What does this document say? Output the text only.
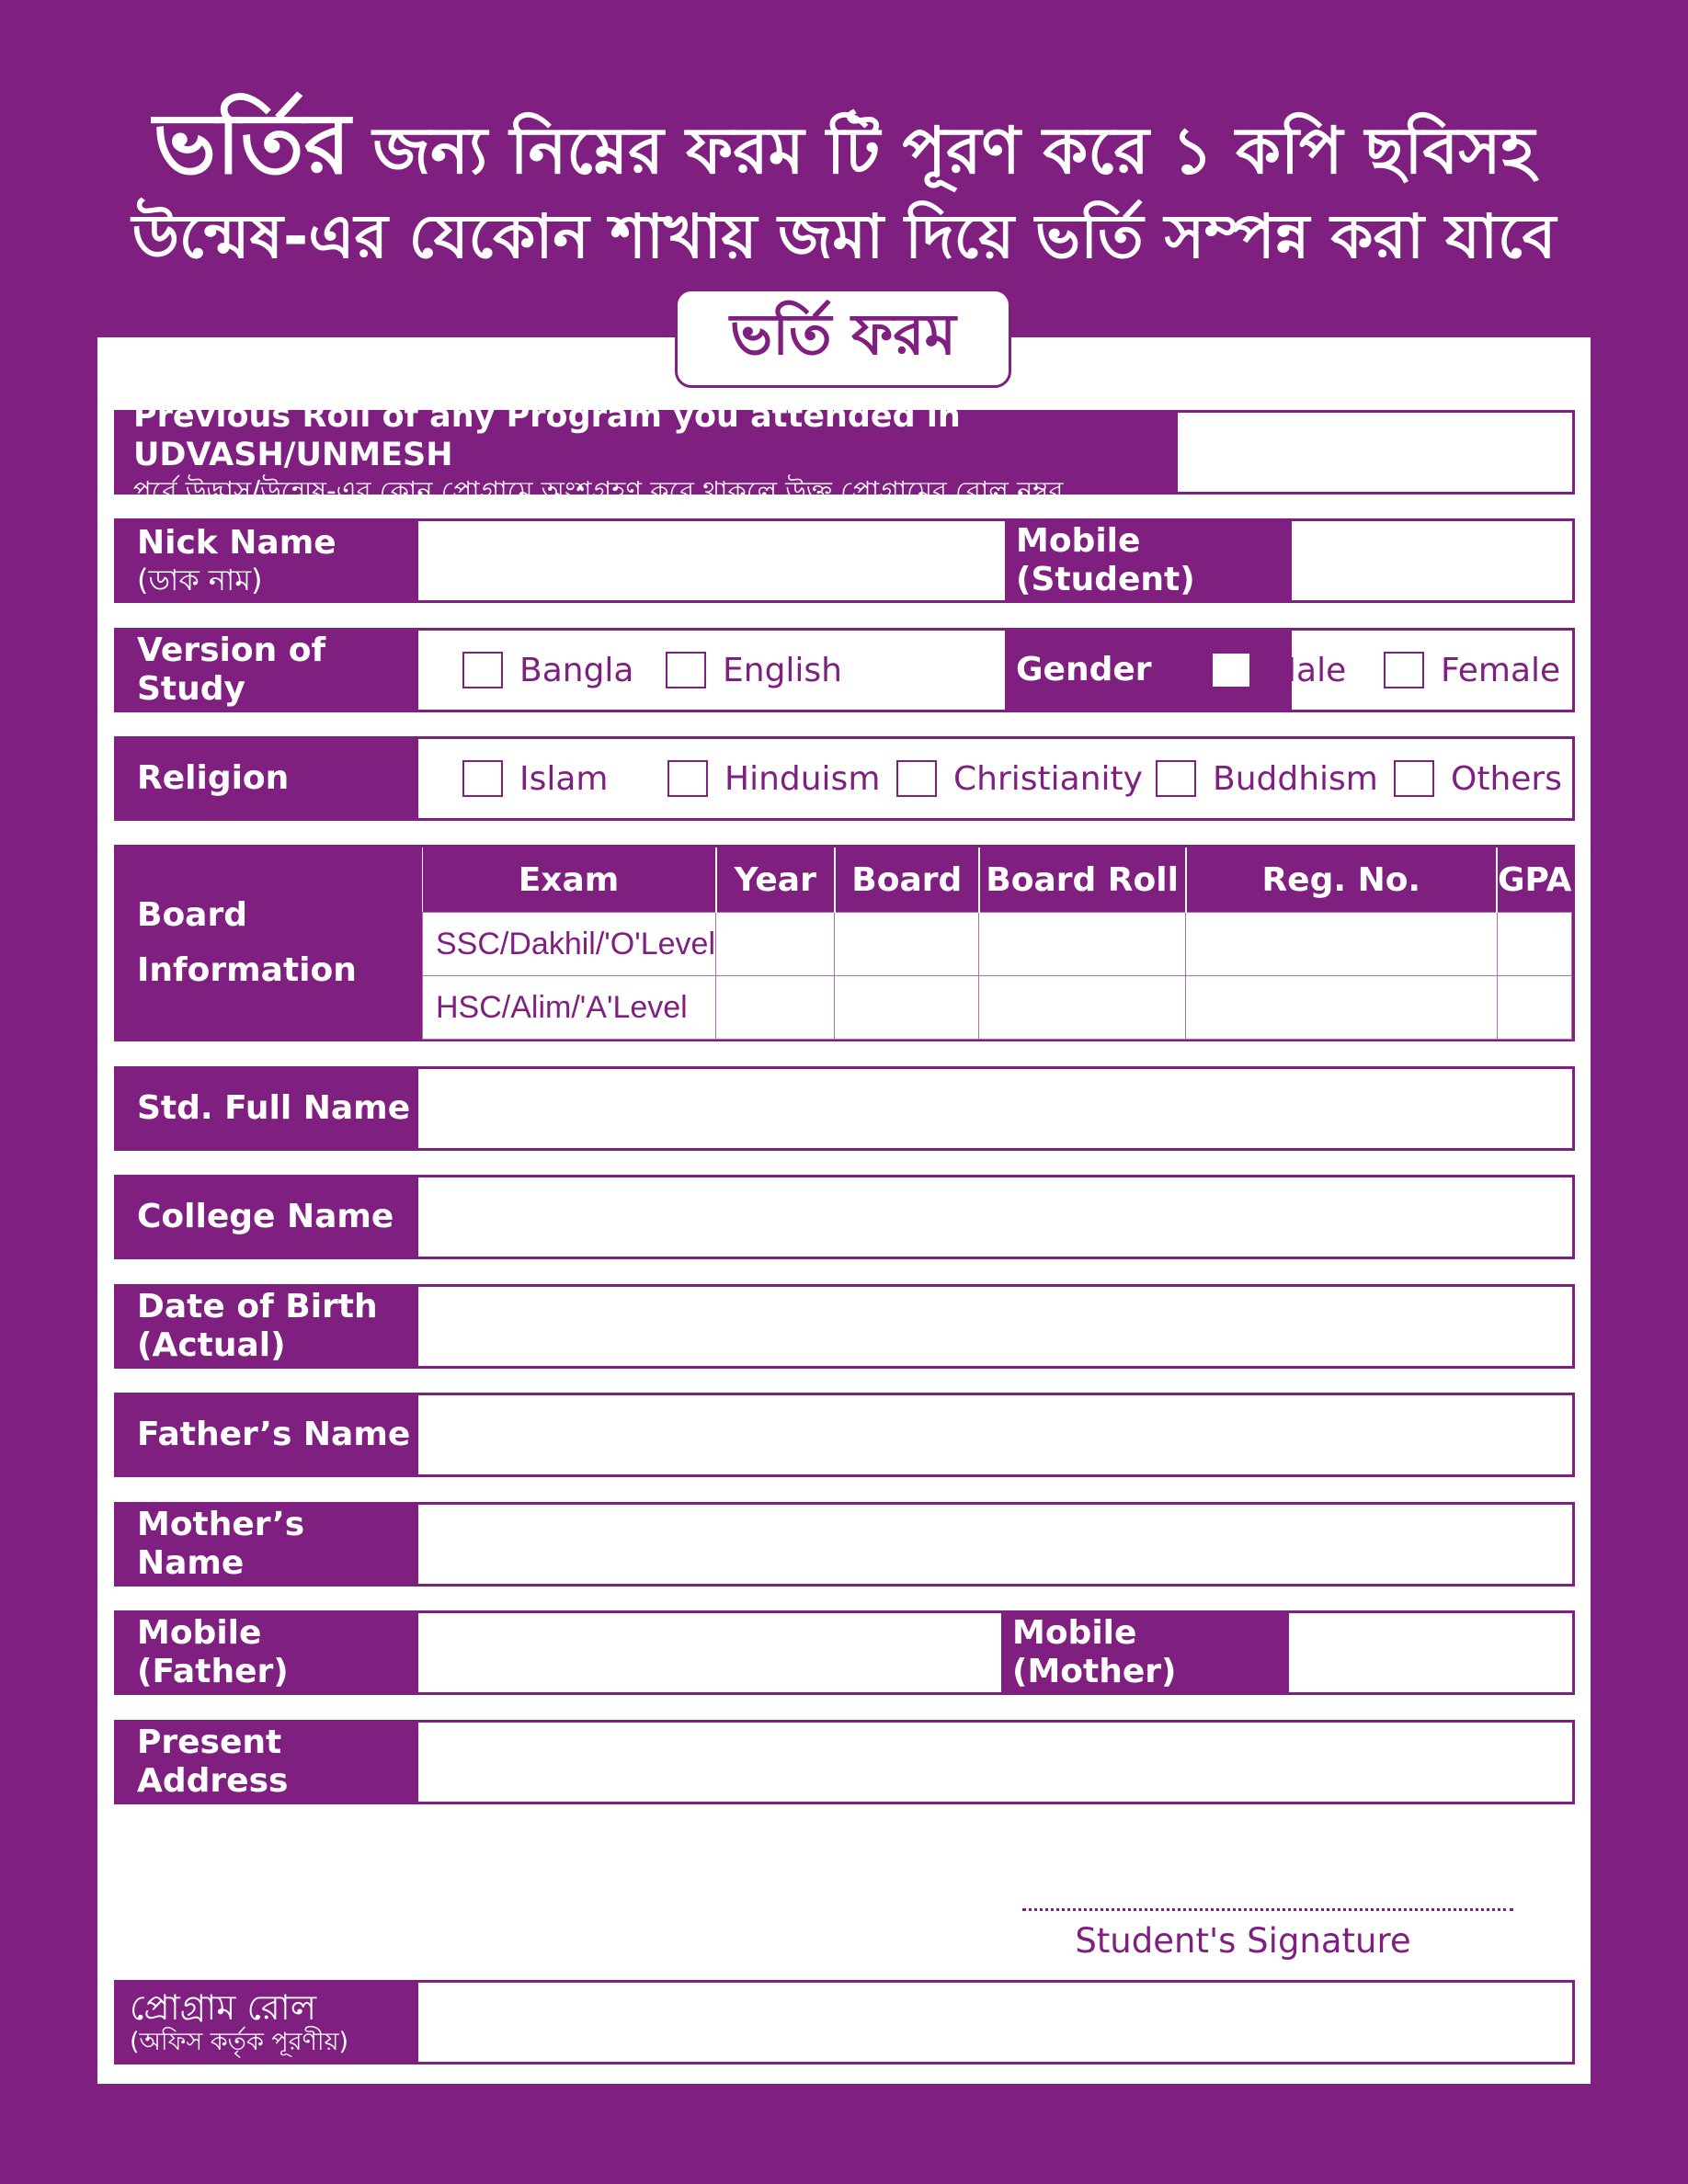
ভর্তির জন্য নিম্নের ফরম টি পূরণ করে ১ কপি ছবিসহ
উন্মেষ-এর যেকোন শাখায় জমা দিয়ে ভর্তি সম্পন্ন করা যাবে
ভর্তি ফরম
Previous Roll of any Program you attended in UDVASH/UNMESH
পূর্বে উদ্ভাস/উন্মেষ-এর কোন প্রোগ্রামে অংশগ্রহণ করে থাকলে উক্ত প্রোগ্রামের রোল নম্বর
Nick Name
(ডাক নাম)
Mobile (Student)
Version of Study	Bangla	English	Gender	Male	Female
Religion	Islam	Hinduism Christianity Buddhism Others
Board
Information
Exam	Year	Board	Board Roll	Reg. No.	GPA
SSC/Dakhil/'O'Level					
HSC/Alim/'A'Level					
Std. Full Name
College Name
Date of Birth
(Actual)
Father’s Name
Mother’s Name
Mobile (Father)
Mobile (Mother)
Present Address
Student's Signature
প্রোগ্রাম রোল
(অফিস কর্তৃক পূরণীয়)
